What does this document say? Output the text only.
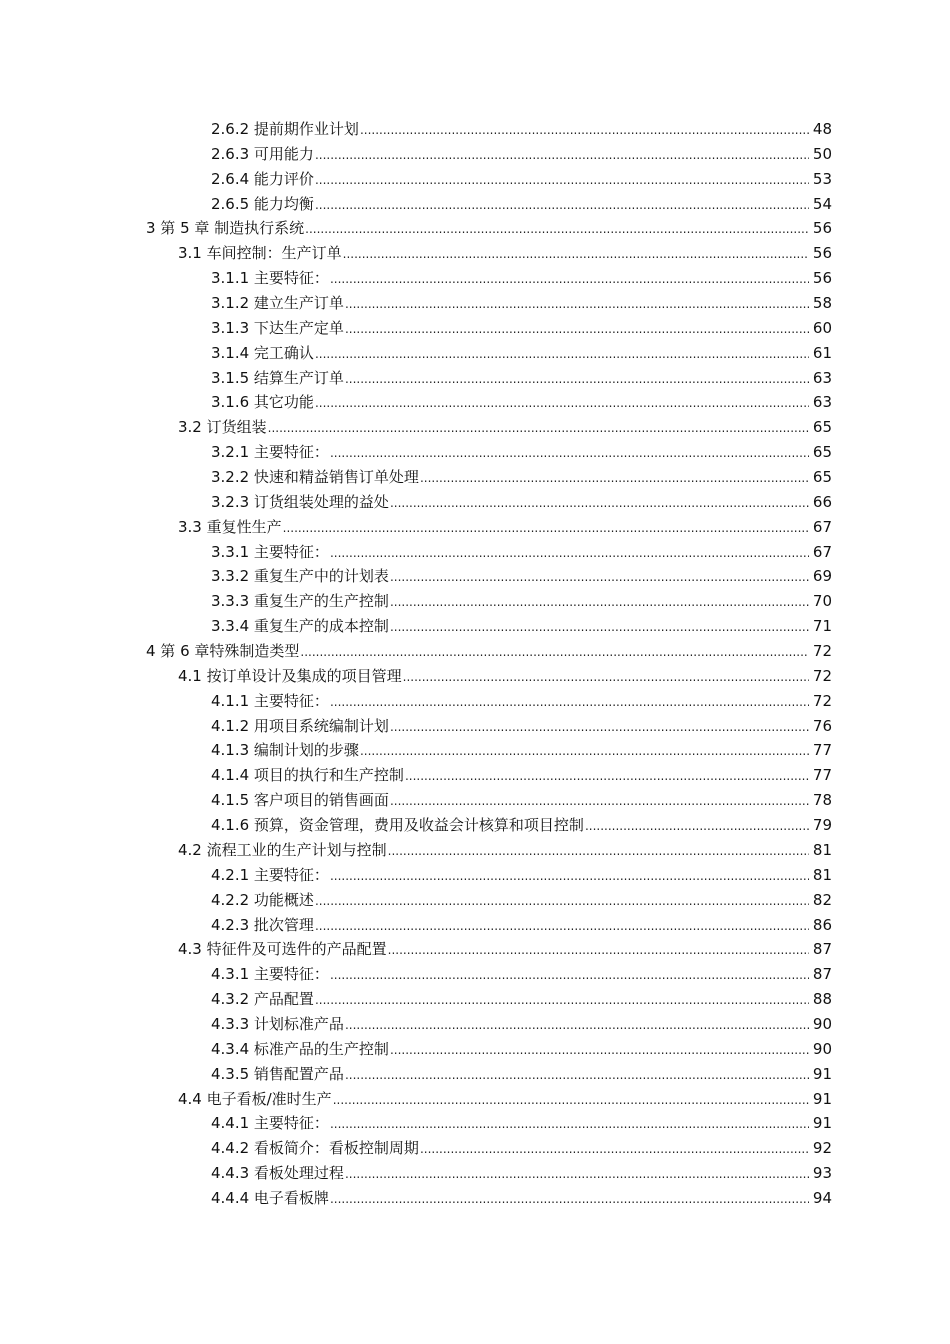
2.6.2 提前期作业计划 .....	48
2.6.3 可用能力 .....	50
2.6.4 能力评价 .....	53
2.6.5 能力均衡 .....	54
3 第 5 章 制造执行系统 .....	56
3.1 车间控制：生产订单 .....	56
3.1.1 主要特征： .....	56
3.1.2 建立生产订单 .....	58
3.1.3 下达生产定单 .....	60
3.1.4 完工确认 .....	61
3.1.5 结算生产订单 .....	63
3.1.6 其它功能 .....	63
3.2 订货组装 .....	65
3.2.1 主要特征： .....	65
3.2.2 快速和精益销售订单处理 .....	65
3.2.3 订货组装处理的益处 .....	66
3.3 重复性生产 .....	67
3.3.1 主要特征： .....	67
3.3.2 重复生产中的计划表 .....	69
3.3.3 重复生产的生产控制 .....	70
3.3.4 重复生产的成本控制 .....	71
4 第 6 章特殊制造类型 .....	72
4.1 按订单设计及集成的项目管理 .....	72
4.1.1 主要特征： .....	72
4.1.2 用项目系统编制计划 .....	76
4.1.3 编制计划的步骤 .....	77
4.1.4 项目的执行和生产控制 .....	77
4.1.5 客户项目的销售画面 .....	78
4.1.6 预算，资金管理，费用及收益会计核算和项目控制 .....	79
4.2 流程工业的生产计划与控制 .....	81
4.2.1 主要特征： .....	81
4.2.2 功能概述 .....	82
4.2.3 批次管理 .....	86
4.3 特征件及可选件的产品配置 .....	87
4.3.1 主要特征： .....	87
4.3.2 产品配置 .....	88
4.3.3 计划标准产品 .....	90
4.3.4 标准产品的生产控制 .....	90
4.3.5 销售配置产品 .....	91
4.4 电子看板/准时生产 .....	91
4.4.1 主要特征： .....	91
4.4.2 看板简介：看板控制周期 .....	92
4.4.3 看板处理过程 .....	93
4.4.4 电子看板牌 .....	94
